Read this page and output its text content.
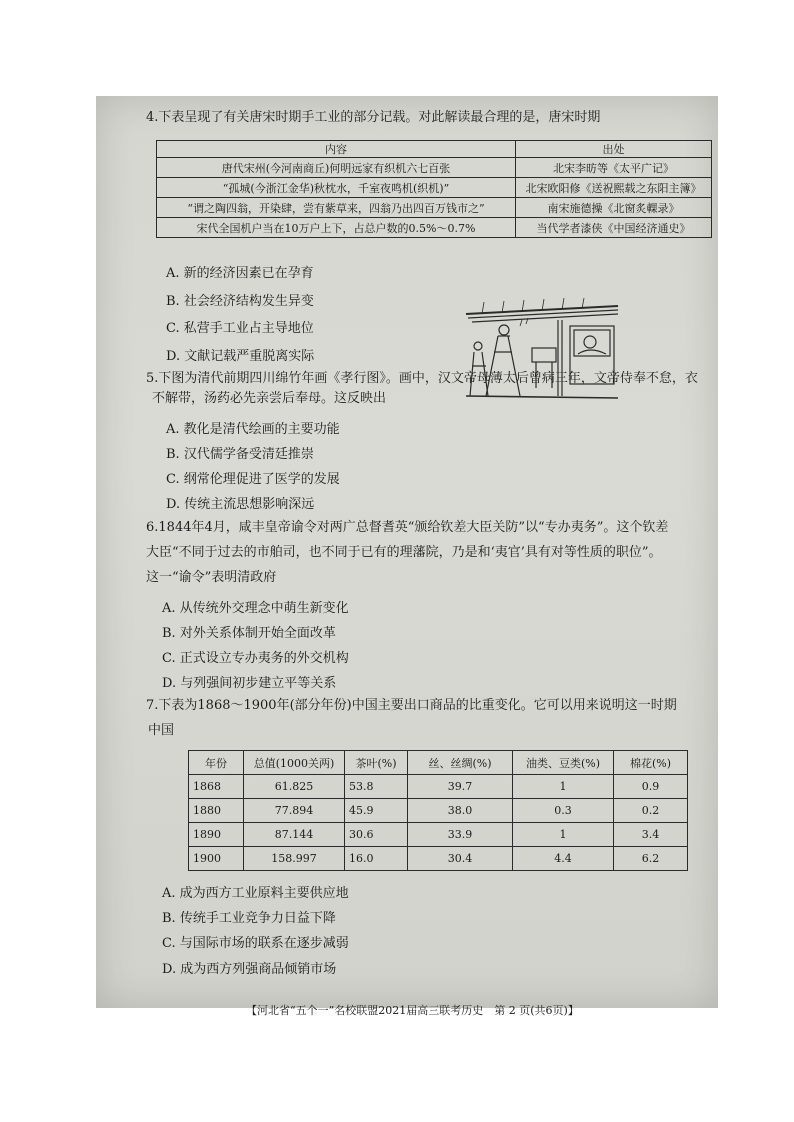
4.下表呈现了有关唐宋时期手工业的部分记载。对此解读最合理的是，唐宋时期
内容	出处
唐代宋州(今河南商丘)何明远家有织机六七百张	北宋李昉等《太平广记》
“孤城(今浙江金华)秋枕水，千室夜鸣机(织机)”	北宋欧阳修《送祝熙载之东阳主簿》
“谓之陶四翁，开染肆，尝有紫草来，四翁乃出四百万钱市之”	南宋施德操《北窗炙輠录》
宋代全国机户当在10万户上下，占总户数的0.5%～0.7%	当代学者漆侠《中国经济通史》
A. 新的经济因素已在孕育
B. 社会经济结构发生异变
C. 私营手工业占主导地位
D. 文献记载严重脱离实际
5.下图为清代前期四川绵竹年画《孝行图》。画中，汉文帝母薄太后曾病三年，文帝侍奉不怠，衣
不解带，汤药必先亲尝后奉母。这反映出
A. 教化是清代绘画的主要功能
B. 汉代儒学备受清廷推崇
C. 纲常伦理促进了医学的发展
D. 传统主流思想影响深远
6.1844年4月，咸丰皇帝谕令对两广总督耆英“颁给钦差大臣关防”以“专办夷务”。这个钦差
大臣“不同于过去的市舶司，也不同于已有的理藩院，乃是和‘夷官’具有对等性质的职位”。
这一“谕令”表明清政府
A. 从传统外交理念中萌生新变化
B. 对外关系体制开始全面改革
C. 正式设立专办夷务的外交机构
D. 与列强间初步建立平等关系
7.下表为1868～1900年(部分年份)中国主要出口商品的比重变化。它可以用来说明这一时期
中国
年份	总值(1000关两)	茶叶(%)	丝、丝绸(%)	油类、豆类(%)	棉花(%)
1868	61.825	53.8	39.7	1	0.9
1880	77.894	45.9	38.0	0.3	0.2
1890	87.144	30.6	33.9	1	3.4
1900	158.997	16.0	30.4	4.4	6.2
A. 成为西方工业原料主要供应地
B. 传统手工业竞争力日益下降
C. 与国际市场的联系在逐步减弱
D. 成为西方列强商品倾销市场
【河北省“五个一”名校联盟2021届高三联考历史　第 2 页(共6页)】
